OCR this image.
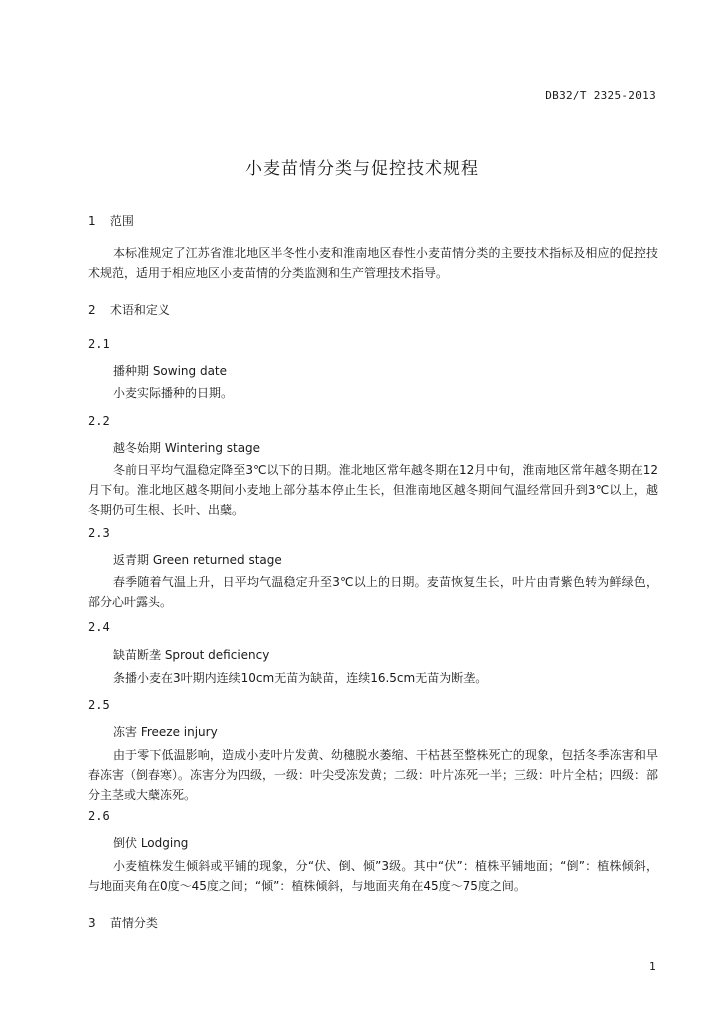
DB32/T 2325-2013
小麦苗情分类与促控技术规程
1 范围

本标准规定了江苏省淮北地区半冬性小麦和淮南地区春性小麦苗情分类的主要技术指标及相应的促控技术规范，适用于相应地区小麦苗情的分类监测和生产管理技术指导。

2 术语和定义
2.1
播种期 Sowing date

小麦实际播种的日期。

2.2
越冬始期 Wintering stage

冬前日平均气温稳定降至3℃以下的日期。淮北地区常年越冬期在12月中旬，淮南地区常年越冬期在12月下旬。淮北地区越冬期间小麦地上部分基本停止生长，但淮南地区越冬期间气温经常回升到3℃以上，越冬期仍可生根、长叶、出蘖。

2.3
返青期 Green returned stage

春季随着气温上升，日平均气温稳定升至3℃以上的日期。麦苗恢复生长，叶片由青紫色转为鲜绿色，部分心叶露头。

2.4
缺苗断垄 Sprout deficiency

条播小麦在3叶期内连续10cm无苗为缺苗，连续16.5cm无苗为断垄。

2.5
冻害 Freeze injury

由于零下低温影响，造成小麦叶片发黄、幼穗脱水萎缩、干枯甚至整株死亡的现象，包括冬季冻害和早春冻害（倒春寒）。冻害分为四级，一级：叶尖受冻发黄；二级：叶片冻死一半；三级：叶片全枯；四级：部分主茎或大蘖冻死。

2.6
倒伏 Lodging

小麦植株发生倾斜或平铺的现象，分“伏、倒、倾”3级。其中“伏”：植株平铺地面；“倒”：植株倾斜，与地面夹角在0度～45度之间；“倾”：植株倾斜，与地面夹角在45度～75度之间。

3 苗情分类
1
